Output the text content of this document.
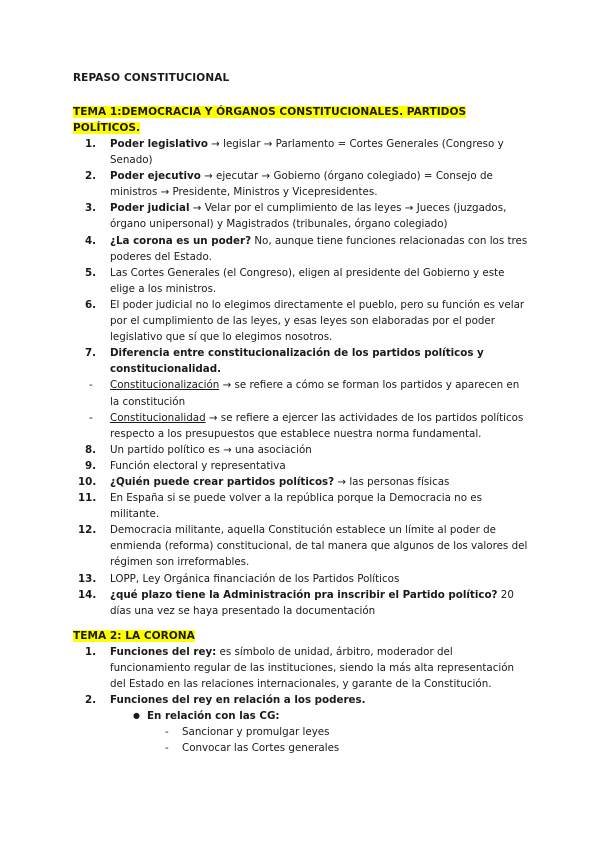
REPASO CONSTITUCIONAL
TEMA 1:DEMOCRACIA Y ÓRGANOS CONSTITUCIONALES. PARTIDOS POLÍTICOS.
1.	Poder legislativo → legislar → Parlamento = Cortes Generales (Congreso y Senado)
2.	Poder ejecutivo → ejecutar → Gobierno (órgano colegiado) = Consejo de ministros → Presidente, Ministros y Vicepresidentes.
3.	Poder judicial → Velar por el cumplimiento de las leyes → Jueces (juzgados, órgano unipersonal) y Magistrados (tribunales, órgano colegiado)
4.	¿La corona es un poder? No, aunque tiene funciones relacionadas con los tres poderes del Estado.
5.	Las Cortes Generales (el Congreso), eligen al presidente del Gobierno y este elige a los ministros.
6.	El poder judicial no lo elegimos directamente el pueblo, pero su función es velar por el cumplimiento de las leyes, y esas leyes son elaboradas por el poder legislativo que sí que lo elegimos nosotros.
7.	Diferencia entre constitucionalización de los partidos políticos y constitucionalidad.
-	Constitucionalización → se refiere a cómo se forman los partidos y aparecen en la constitución
-	Constitucionalidad → se refiere a ejercer las actividades de los partidos políticos respecto a los presupuestos que establece nuestra norma fundamental.
8.	Un partido político es → una asociación
9.	Función electoral y representativa
10.	¿Quién puede crear partidos políticos? → las personas físicas
11.	En España si se puede volver a la república porque la Democracia no es militante.
12.	Democracia militante, aquella Constitución establece un límite al poder de enmienda (reforma) constitucional, de tal manera que algunos de los valores del régimen son irreformables.
13.	LOPP, Ley Orgánica financiación de los Partidos Políticos
14.	¿qué plazo tiene la Administración pra inscribir el Partido político? 20 días una vez se haya presentado la documentación
TEMA 2: LA CORONA
1.	Funciones del rey: es símbolo de unidad, árbitro, moderador del funcionamiento regular de las instituciones, siendo la más alta representación del Estado en las relaciones internacionales, y garante de la Constitución.
2.	Funciones del rey en relación a los poderes.
● En relación con las CG:
- Sancionar y promulgar leyes
- Convocar las Cortes generales
